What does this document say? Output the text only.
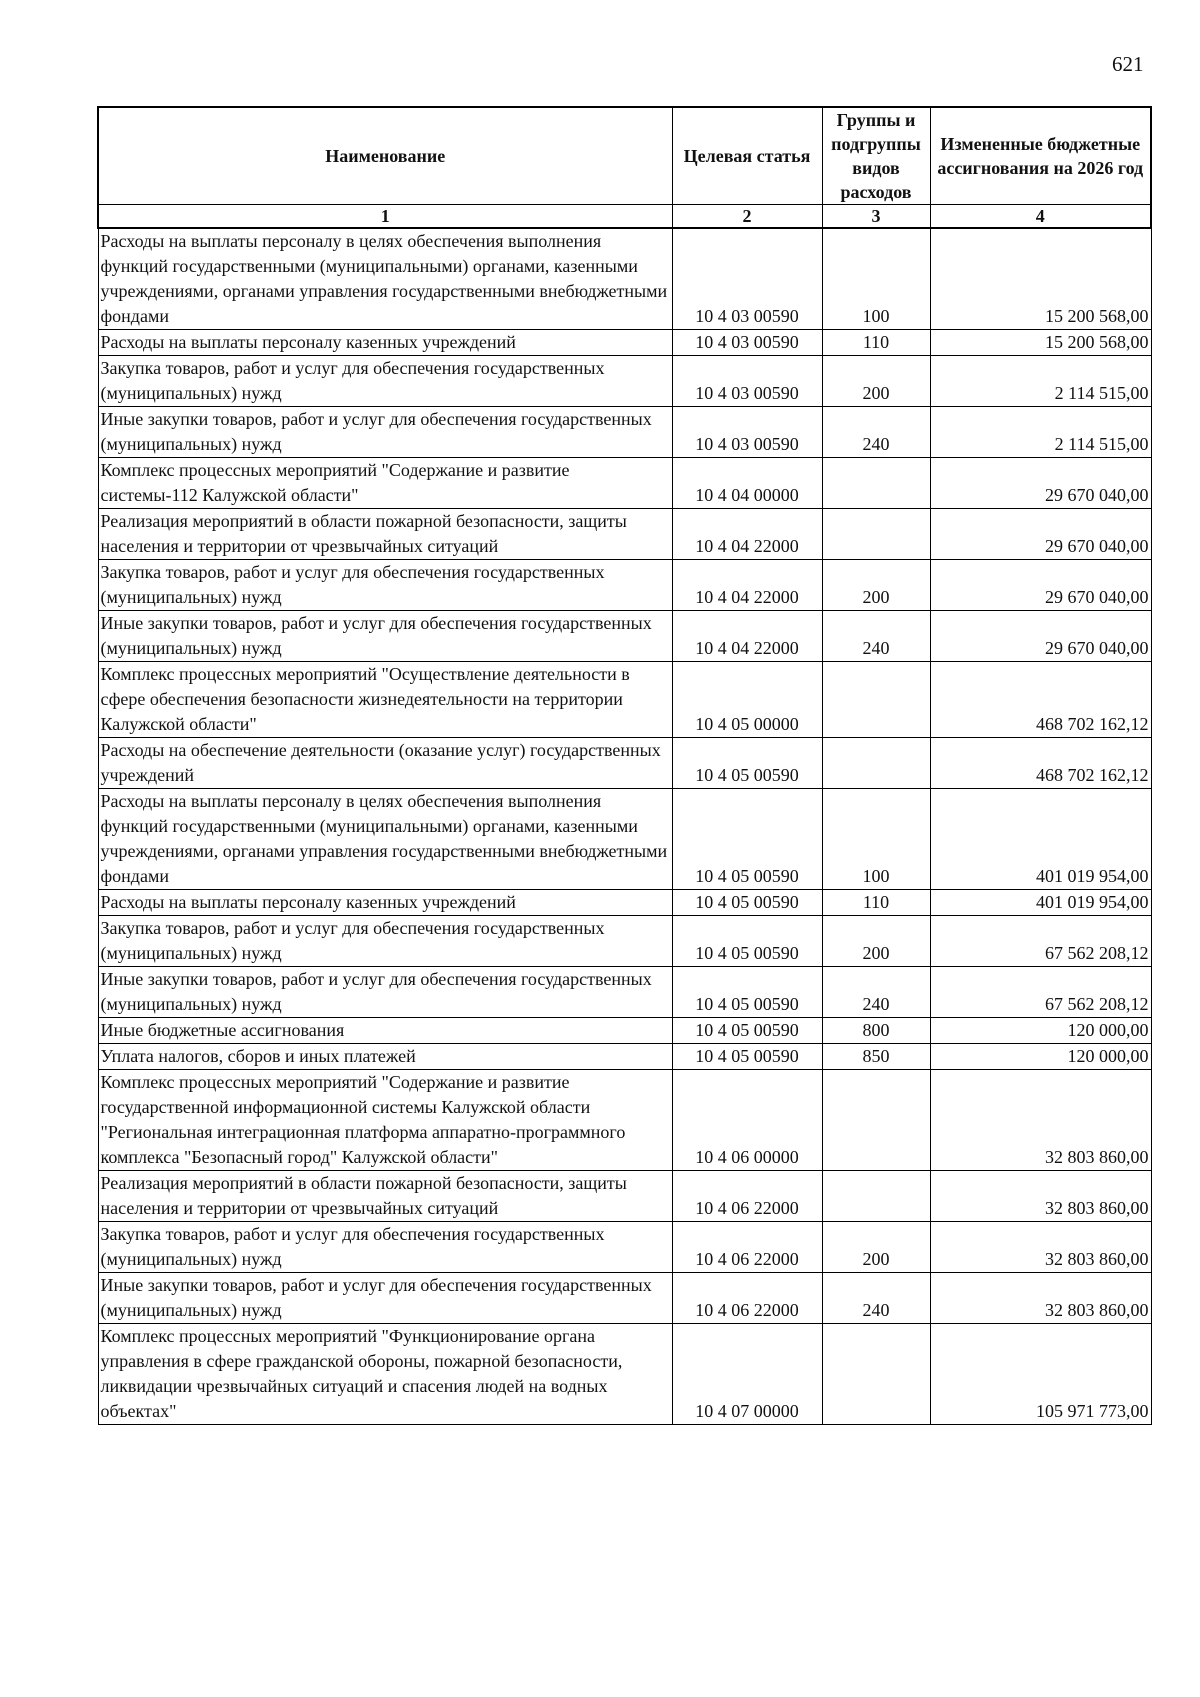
621
Наименование	Целевая статья	Группы и подгруппы видов расходов	Измененные бюджетные ассигнования на 2026 год
1	2	3	4
Расходы на выплаты персоналу в целях обеспечения выполнения функций государственными (муниципальными) органами, казенными учреждениями, органами управления государственными внебюджетными фондами	10 4 03 00590	100	15 200 568,00
Расходы на выплаты персоналу казенных учреждений	10 4 03 00590	110	15 200 568,00
Закупка товаров, работ и услуг для обеспечения государственных (муниципальных) нужд	10 4 03 00590	200	2 114 515,00
Иные закупки товаров, работ и услуг для обеспечения государственных (муниципальных) нужд	10 4 03 00590	240	2 114 515,00
Комплекс процессных мероприятий "Содержание и развитие системы-112 Калужской области"	10 4 04 00000		29 670 040,00
Реализация мероприятий в области пожарной безопасности, защиты населения и территории от чрезвычайных ситуаций	10 4 04 22000		29 670 040,00
Закупка товаров, работ и услуг для обеспечения государственных (муниципальных) нужд	10 4 04 22000	200	29 670 040,00
Иные закупки товаров, работ и услуг для обеспечения государственных (муниципальных) нужд	10 4 04 22000	240	29 670 040,00
Комплекс процессных мероприятий "Осуществление деятельности в сфере обеспечения безопасности жизнедеятельности на территории Калужской области"	10 4 05 00000		468 702 162,12
Расходы на обеспечение деятельности (оказание услуг) государственных учреждений	10 4 05 00590		468 702 162,12
Расходы на выплаты персоналу в целях обеспечения выполнения функций государственными (муниципальными) органами, казенными учреждениями, органами управления государственными внебюджетными фондами	10 4 05 00590	100	401 019 954,00
Расходы на выплаты персоналу казенных учреждений	10 4 05 00590	110	401 019 954,00
Закупка товаров, работ и услуг для обеспечения государственных (муниципальных) нужд	10 4 05 00590	200	67 562 208,12
Иные закупки товаров, работ и услуг для обеспечения государственных (муниципальных) нужд	10 4 05 00590	240	67 562 208,12
Иные бюджетные ассигнования	10 4 05 00590	800	120 000,00
Уплата налогов, сборов и иных платежей	10 4 05 00590	850	120 000,00
Комплекс процессных мероприятий "Содержание и развитие государственной информационной системы Калужской области "Региональная интеграционная платформа аппаратно-программного комплекса "Безопасный город" Калужской области"	10 4 06 00000		32 803 860,00
Реализация мероприятий в области пожарной безопасности, защиты населения и территории от чрезвычайных ситуаций	10 4 06 22000		32 803 860,00
Закупка товаров, работ и услуг для обеспечения государственных (муниципальных) нужд	10 4 06 22000	200	32 803 860,00
Иные закупки товаров, работ и услуг для обеспечения государственных (муниципальных) нужд	10 4 06 22000	240	32 803 860,00
Комплекс процессных мероприятий "Функционирование органа управления в сфере гражданской обороны, пожарной безопасности, ликвидации чрезвычайных ситуаций и спасения людей на водных объектах"	10 4 07 00000		105 971 773,00
